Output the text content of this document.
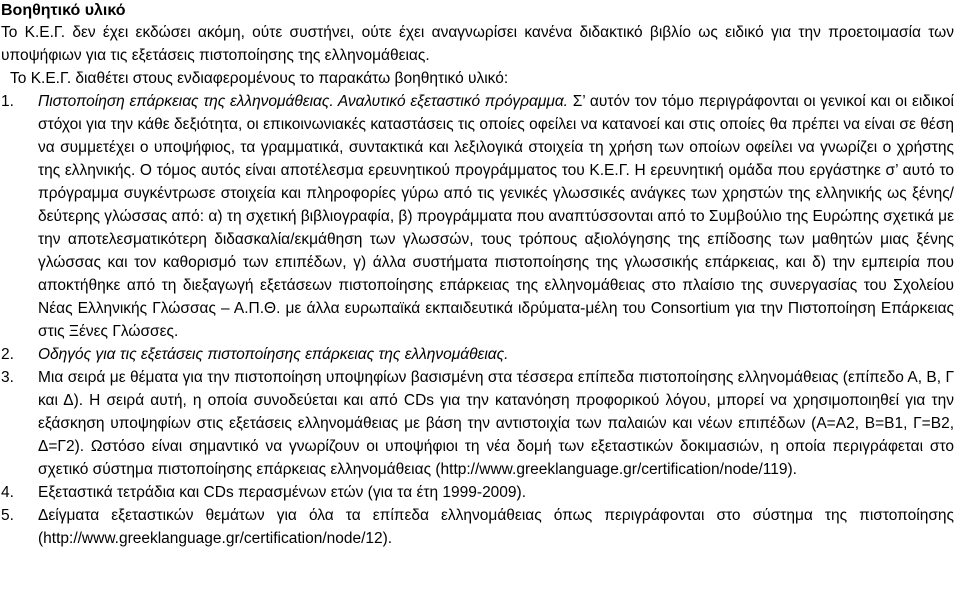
Βοηθητικό υλικό

Το Κ.Ε.Γ. δεν έχει εκδώσει ακόμη, ούτε συστήνει, ούτε έχει αναγνωρίσει κανένα διδακτικό βιβλίο ως ειδικό για την προετοιμασία των υποψήφιων για τις εξετάσεις πιστοποίησης της ελληνομάθειας.

Το Κ.Ε.Γ. διαθέτει στους ενδιαφερομένους το παρακάτω βοηθητικό υλικό:

1.	Πιστοποίηση επάρκειας της ελληνομάθειας. Αναλυτικό εξεταστικό πρόγραμμα. Σ’ αυτόν τον τόμο περιγράφονται οι γενικοί και οι ειδικοί στόχοι για την κάθε δεξιότητα, οι επικοινωνιακές καταστάσεις τις οποίες οφείλει να κατανοεί και στις οποίες θα πρέπει να είναι σε θέση να συμμετέχει ο υποψήφιος, τα γραμματικά, συντακτικά και λεξιλογικά στοιχεία τη χρήση των οποίων οφείλει να γνωρίζει ο χρήστης της ελληνικής. Ο τόμος αυτός είναι αποτέλεσμα ερευνητικού προγράμματος του Κ.Ε.Γ. Η ερευνητική ομάδα που εργάστηκε σ’ αυτό το πρόγραμμα συγκέντρωσε στοιχεία και πληροφορίες γύρω από τις γενικές γλωσσικές ανάγκες των χρηστών της ελληνικής ως ξένης/δεύτερης γλώσσας από: α) τη σχετική βιβλιογραφία, β) προγράμματα που αναπτύσσονται από το Συμβούλιο της Ευρώπης σχετικά με την αποτελεσματικότερη διδασκαλία/εκμάθηση των γλωσσών, τους τρόπους αξιολόγησης της επίδοσης των μαθητών μιας ξένης γλώσσας και τον καθορισμό των επιπέδων, γ) άλλα συστήματα πιστοποίησης της γλωσσικής επάρκειας, και δ) την εμπειρία που αποκτήθηκε από τη διεξαγωγή εξετάσεων πιστοποίησης επάρκειας της ελληνομάθειας στο πλαίσιο της συνεργασίας του Σχολείου Νέας Ελληνικής Γλώσσας – Α.Π.Θ. με άλλα ευρωπαϊκά εκπαιδευτικά ιδρύματα-μέλη του Consortium για την Πιστοποίηση Επάρκειας στις Ξένες Γλώσσες.
2.	Οδηγός για τις εξετάσεις πιστοποίησης επάρκειας της ελληνομάθειας.
3.	Μια σειρά με θέματα για την πιστοποίηση υποψηφίων βασισμένη στα τέσσερα επίπεδα πιστοποίησης ελληνομάθειας (επίπεδο Α, Β, Γ και Δ). Η σειρά αυτή, η οποία συνοδεύεται και από CDs για την κατανόηση προφορικού λόγου, μπορεί να χρησιμοποιηθεί για την εξάσκηση υποψηφίων στις εξετάσεις ελληνομάθειας με βάση την αντιστοιχία των παλαιών και νέων επιπέδων (Α=Α2, Β=Β1, Γ=Β2, Δ=Γ2). Ωστόσο είναι σημαντικό να γνωρίζουν οι υποψήφιοι τη νέα δομή των εξεταστικών δοκιμασιών, η οποία περιγράφεται στο σχετικό σύστημα πιστοποίησης επάρκειας ελληνομάθειας (http://www.greeklanguage.gr/certification/node/119).
4.	Εξεταστικά τετράδια και CDs περασμένων ετών (για τα έτη 1999-2009).
5.	Δείγματα εξεταστικών θεμάτων για όλα τα επίπεδα ελληνομάθειας όπως περιγράφονται στο σύστημα της πιστοποίησης (http://www.greeklanguage.gr/certification/node/12).
